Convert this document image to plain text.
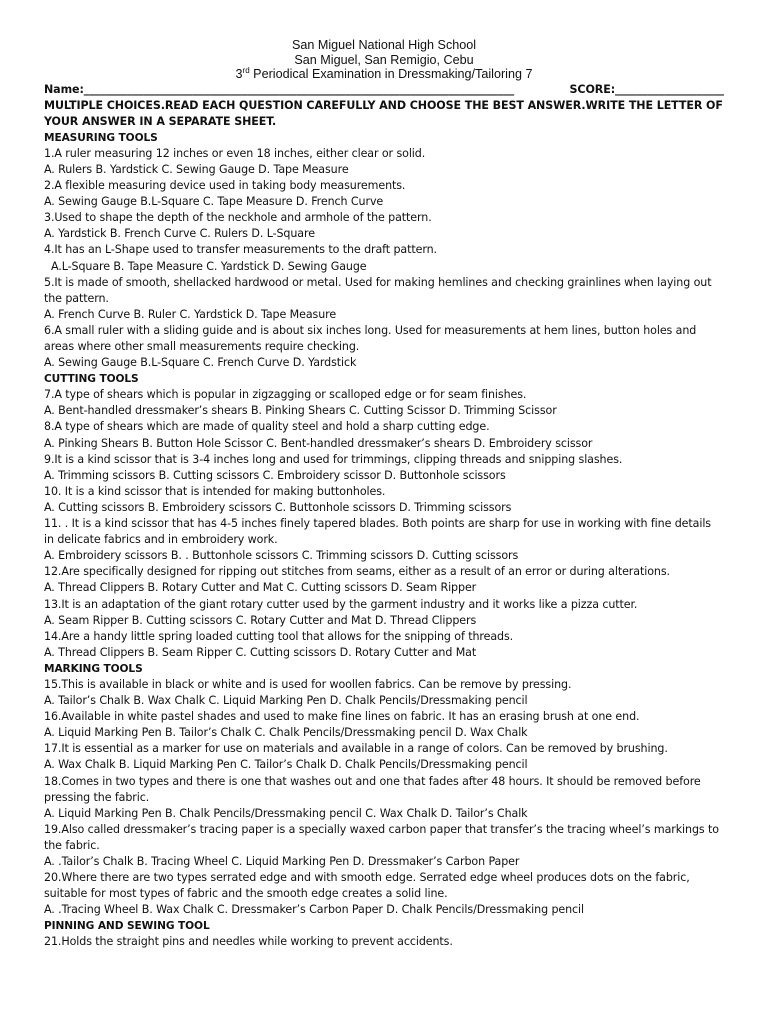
San Miguel National High School
San Miguel, San Remigio, Cebu
3rd Periodical Examination in Dressmaking/Tailoring 7
Name:_______________________________________________________________________________	SCORE:____________________
MULTIPLE CHOICES.READ EACH QUESTION CAREFULLY AND CHOOSE THE BEST ANSWER.WRITE THE LETTER OF YOUR ANSWER IN A SEPARATE SHEET.
MEASURING TOOLS
1.A ruler measuring 12 inches or even 18 inches, either clear or solid.
A. Rulers B. Yardstick C. Sewing Gauge D. Tape Measure
2.A flexible measuring device used in taking body measurements.
A. Sewing Gauge B.L-Square C. Tape Measure D. French Curve
3.Used to shape the depth of the neckhole and armhole of the pattern.
A. Yardstick B. French Curve C. Rulers D. L-Square
4.It has an L-Shape used to transfer measurements to the draft pattern.
A.L-Square B. Tape Measure C. Yardstick D. Sewing Gauge
5.It is made of smooth, shellacked hardwood or metal. Used for making hemlines and checking grainlines when laying out the pattern.
A. French Curve B. Ruler C. Yardstick D. Tape Measure
6.A small ruler with a sliding guide and is about six inches long. Used for measurements at hem lines, button holes and areas where other small measurements require checking.
A. Sewing Gauge B.L-Square C. French Curve D. Yardstick
CUTTING TOOLS
7.A type of shears which is popular in zigzagging or scalloped edge or for seam finishes.
A. Bent-handled dressmaker’s shears B. Pinking Shears C. Cutting Scissor D. Trimming Scissor
8.A type of shears which are made of quality steel and hold a sharp cutting edge.
A. Pinking Shears B. Button Hole Scissor C. Bent-handled dressmaker’s shears D. Embroidery scissor
9.It is a kind scissor that is 3-4 inches long and used for trimmings, clipping threads and snipping slashes.
A. Trimming scissors B. Cutting scissors C. Embroidery scissor D. Buttonhole scissors
10. It is a kind scissor that is intended for making buttonholes.
A. Cutting scissors B. Embroidery scissors C. Buttonhole scissors D. Trimming scissors
11. . It is a kind scissor that has 4-5 inches finely tapered blades. Both points are sharp for use in working with fine details in delicate fabrics and in embroidery work.
A. Embroidery scissors B. . Buttonhole scissors C. Trimming scissors D. Cutting scissors
12.Are specifically designed for ripping out stitches from seams, either as a result of an error or during alterations.
A. Thread Clippers B. Rotary Cutter and Mat C. Cutting scissors D. Seam Ripper
13.It is an adaptation of the giant rotary cutter used by the garment industry and it works like a pizza cutter.
A. Seam Ripper B. Cutting scissors C. Rotary Cutter and Mat D. Thread Clippers
14.Are a handy little spring loaded cutting tool that allows for the snipping of threads.
A. Thread Clippers B. Seam Ripper C. Cutting scissors D. Rotary Cutter and Mat
MARKING TOOLS
15.This is available in black or white and is used for woollen fabrics. Can be remove by pressing.
A. Tailor’s Chalk B. Wax Chalk C. Liquid Marking Pen D. Chalk Pencils/Dressmaking pencil
16.Available in white pastel shades and used to make fine lines on fabric. It has an erasing brush at one end.
A. Liquid Marking Pen B. Tailor’s Chalk C. Chalk Pencils/Dressmaking pencil D. Wax Chalk
17.It is essential as a marker for use on materials and available in a range of colors. Can be removed by brushing.
A. Wax Chalk B. Liquid Marking Pen C. Tailor’s Chalk D. Chalk Pencils/Dressmaking pencil
18.Comes in two types and there is one that washes out and one that fades after 48 hours. It should be removed before pressing the fabric.
A. Liquid Marking Pen B. Chalk Pencils/Dressmaking pencil C. Wax Chalk D. Tailor’s Chalk
19.Also called dressmaker’s tracing paper is a specially waxed carbon paper that transfer’s the tracing wheel’s markings to the fabric.
A. .Tailor’s Chalk B. Tracing Wheel C. Liquid Marking Pen D. Dressmaker’s Carbon Paper
20.Where there are two types serrated edge and with smooth edge. Serrated edge wheel produces dots on the fabric, suitable for most types of fabric and the smooth edge creates a solid line.
A. .Tracing Wheel B. Wax Chalk C. Dressmaker’s Carbon Paper D. Chalk Pencils/Dressmaking pencil
PINNING AND SEWING TOOL
21.Holds the straight pins and needles while working to prevent accidents.
